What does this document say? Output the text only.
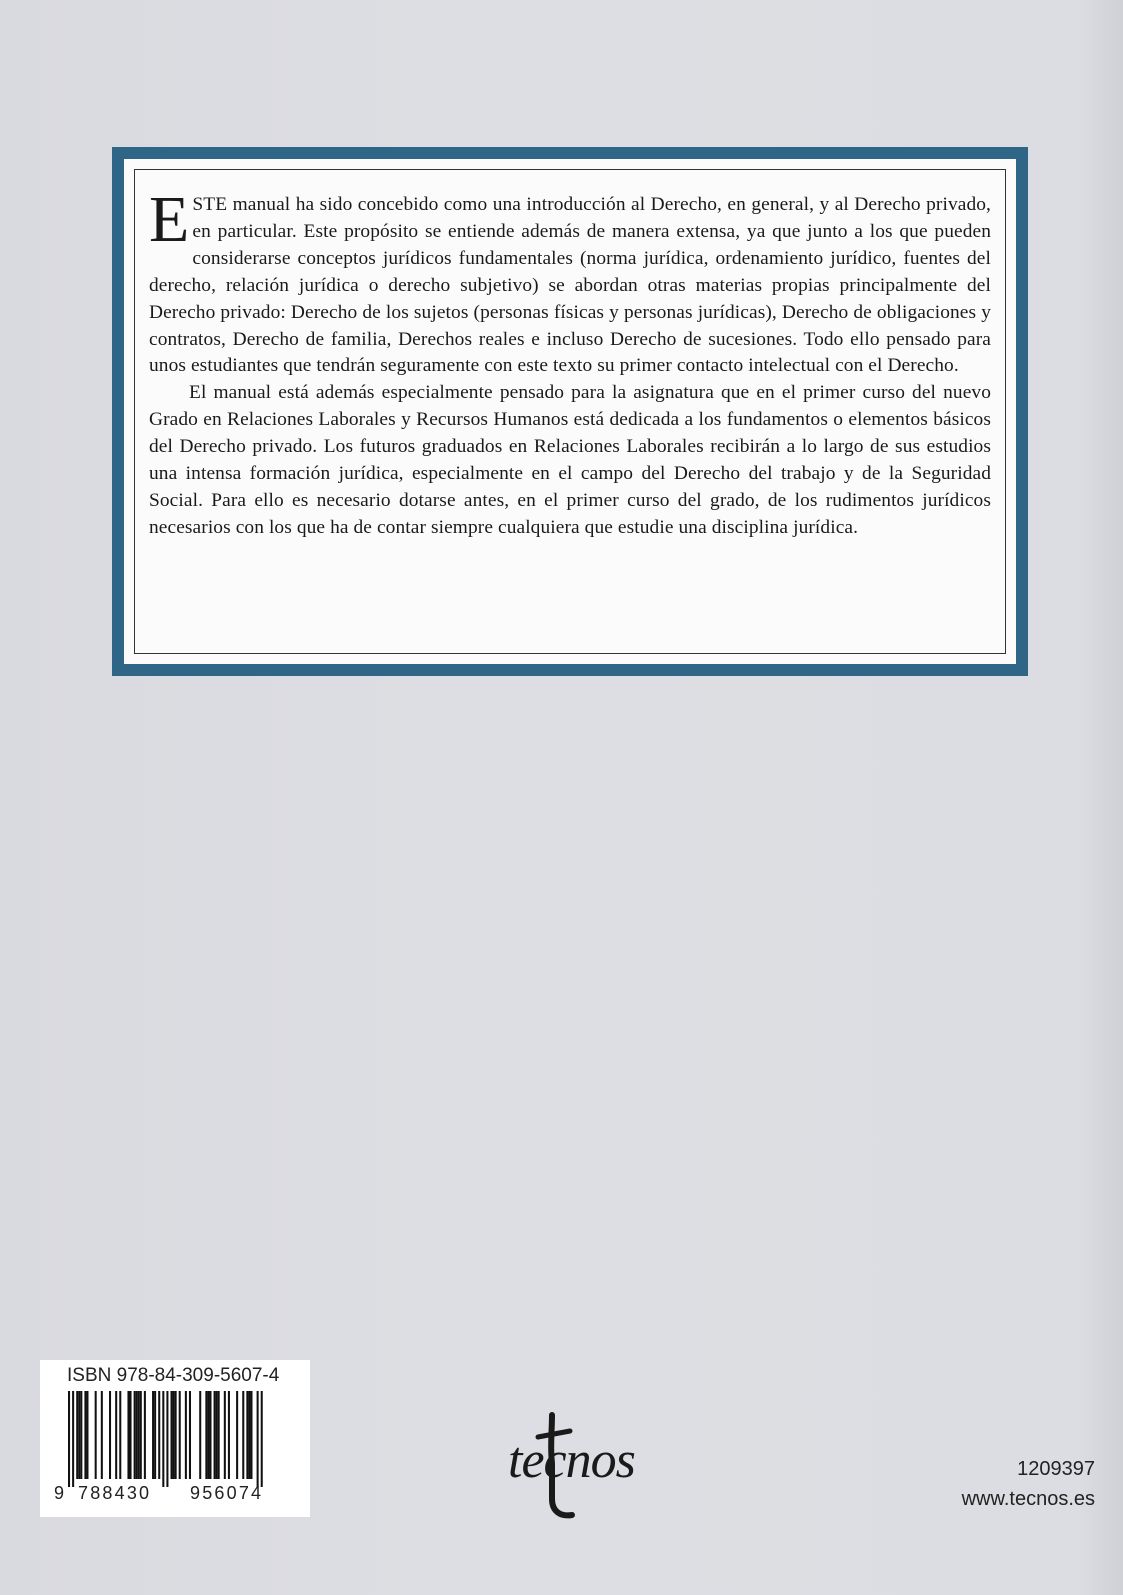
ESTE manual ha sido concebido como una introducción al Derecho, en general, y al Derecho privado, en particular. Este propósito se entiende además de manera extensa, ya que junto a los que pueden considerarse conceptos jurídicos fundamentales (norma jurídica, ordenamiento jurídico, fuentes del derecho, relación jurídica o derecho subjetivo) se abordan otras materias propias principalmente del Derecho privado: Derecho de los sujetos (personas físicas y personas jurídicas), Derecho de obligaciones y contratos, Derecho de familia, Derechos reales e incluso Derecho de sucesiones. Todo ello pensado para unos estudiantes que tendrán seguramente con este texto su primer contacto intelectual con el Derecho.

El manual está además especialmente pensado para la asignatura que en el primer curso del nuevo Grado en Relaciones Laborales y Recursos Humanos está dedicada a los fundamentos o elementos básicos del Derecho privado. Los futuros graduados en Relaciones Laborales recibirán a lo largo de sus estudios una intensa formación jurídica, especialmente en el campo del Derecho del trabajo y de la Seguridad Social. Para ello es necesario dotarse antes, en el primer curso del grado, de los rudimentos jurídicos necesarios con los que ha de contar siempre cualquiera que estudie una disciplina jurídica.

ISBN 978-84-309-5607-4
9 788430 956074
tecnos	1209397
www.tecnos.es
